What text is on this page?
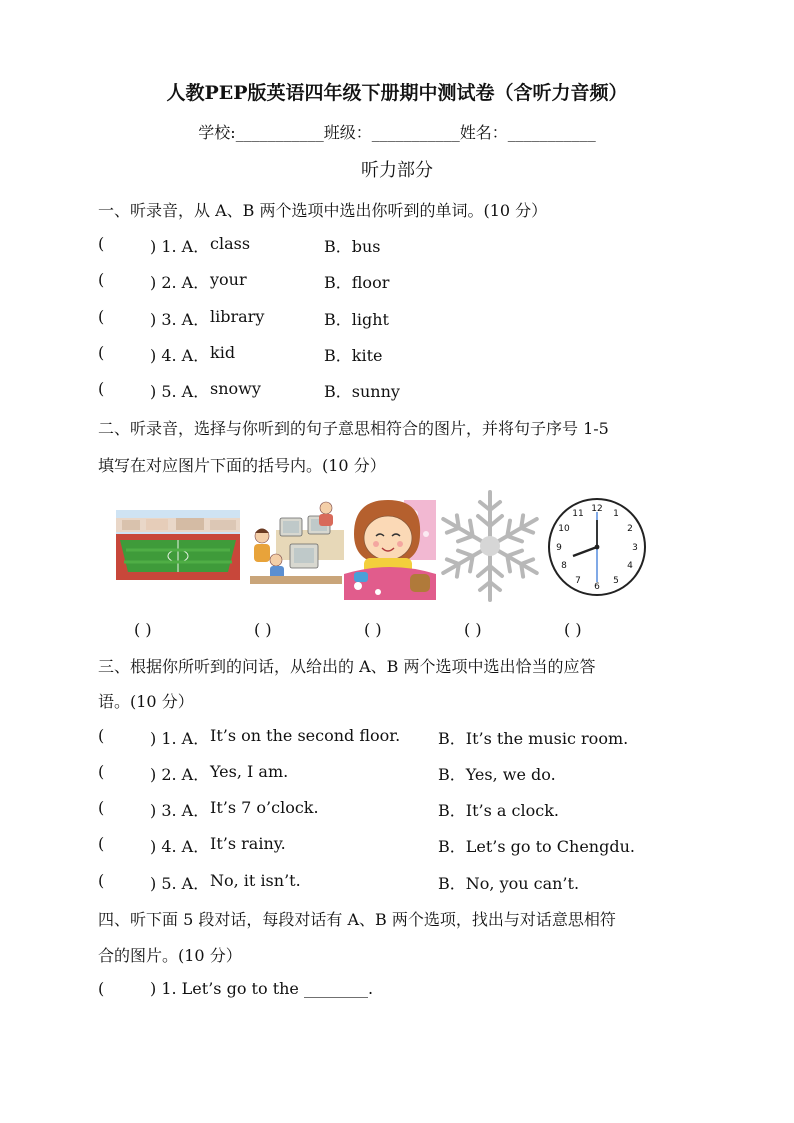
人教PEP版英语四年级下册期中测试卷（含听力音频）
学校:___________班级：___________姓名：___________
听力部分
一、听录音，从 A、B 两个选项中选出你听到的单词。(10 分）
(	) 1. A． class	B．bus
(	) 2. A． your	B．floor
(	) 3. A． library	B．light
(	) 4. A． kid	B．kite
(	) 5. A． snowy	B．sunny
二、听录音，选择与你听到的句子意思相符合的图片，并将句子序号 1-5
填写在对应图片下面的括号内。(10 分）
12 1
2
3
4
5
6
7
8
9
10
11
( )	( )	( )	( )	( )
三、根据你所听到的问话，从给出的 A、B 两个选项中选出恰当的应答
语。(10 分）
(	) 1. A． It’s on the second floor. B．It’s the music room.
(	) 2. A． Yes, I am.	B．Yes, we do.
(	) 3. A． It’s 7 o’clock.	B．It’s a clock.
(	) 4. A． It’s rainy.	B．Let’s go to Chengdu.
(	) 5. A． No, it isn’t.	B．No, you can’t.
四、听下面 5 段对话，每段对话有 A、B 两个选项，找出与对话意思相符
合的图片。(10 分）
(	) 1. Let’s go to the ________.
